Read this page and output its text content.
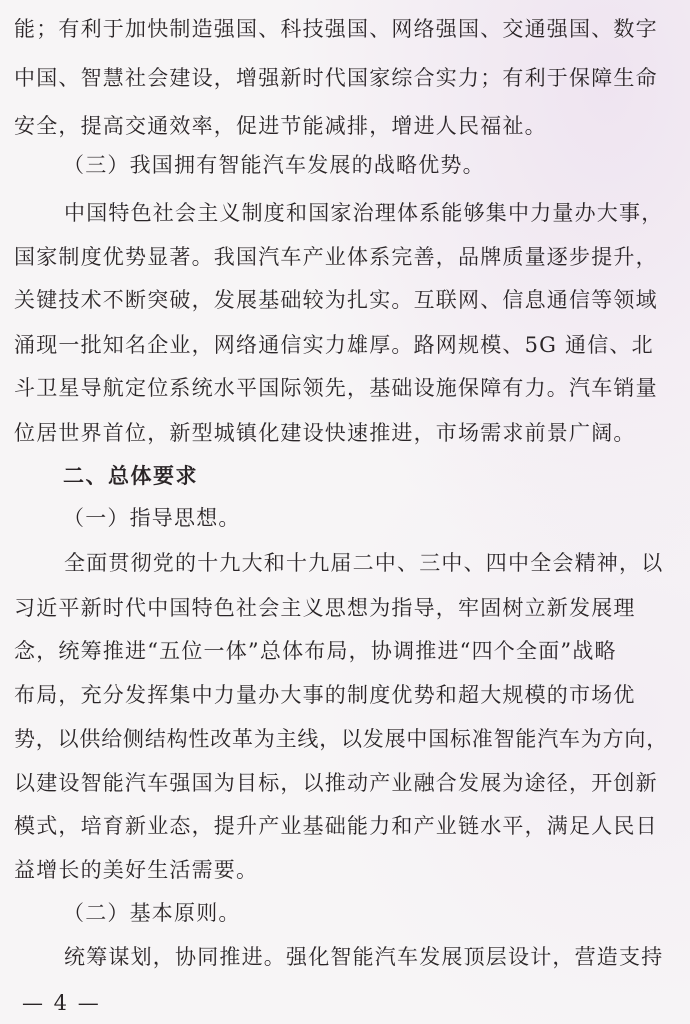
能；有利于加快制造强国、科技强国、网络强国、交通强国、数字
中国、智慧社会建设，增强新时代国家综合实力；有利于保障生命
安全，提高交通效率，促进节能减排，增进人民福祉。
（三）我国拥有智能汽车发展的战略优势。
中国特色社会主义制度和国家治理体系能够集中力量办大事，
国家制度优势显著。我国汽车产业体系完善，品牌质量逐步提升，
关键技术不断突破，发展基础较为扎实。互联网、信息通信等领域
涌现一批知名企业，网络通信实力雄厚。路网规模、5G 通信、北
斗卫星导航定位系统水平国际领先，基础设施保障有力。汽车销量
位居世界首位，新型城镇化建设快速推进，市场需求前景广阔。
二、总体要求
（一）指导思想。
全面贯彻党的十九大和十九届二中、三中、四中全会精神，以
习近平新时代中国特色社会主义思想为指导，牢固树立新发展理
念，统筹推进“五位一体”总体布局，协调推进“四个全面”战略
布局，充分发挥集中力量办大事的制度优势和超大规模的市场优
势，以供给侧结构性改革为主线，以发展中国标准智能汽车为方向，
以建设智能汽车强国为目标，以推动产业融合发展为途径，开创新
模式，培育新业态，提升产业基础能力和产业链水平，满足人民日
益增长的美好生活需要。
（二）基本原则。
统筹谋划，协同推进。强化智能汽车发展顶层设计，营造支持
— 4 —
